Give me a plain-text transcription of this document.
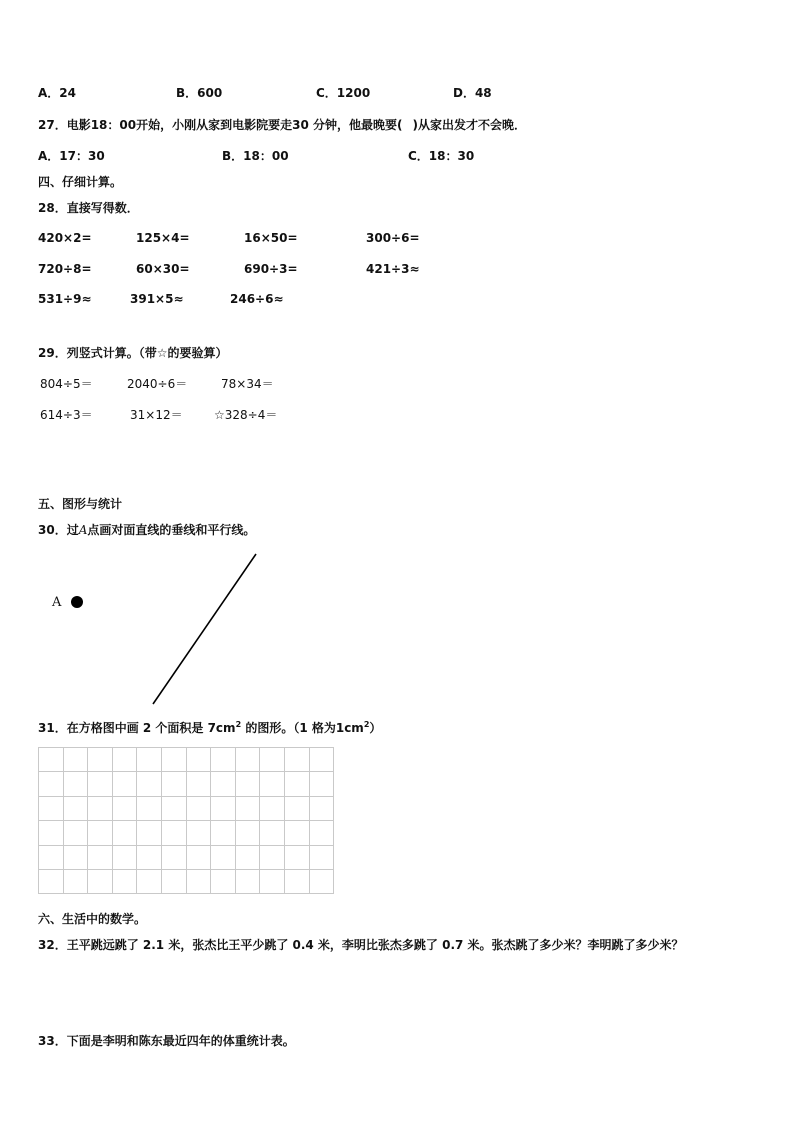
A．24	B．600	C．1200	D．48
27．电影18：00开始，小刚从家到电影院要走30 分钟，他最晚要( )从家出发才不会晚．
A．17：30	B．18：00	C．18：30
四、仔细计算。
28．直接写得数．
420×2=	125×4=	16×50=	300÷6=
720÷8=	60×30=	690÷3=	421÷3≈
531÷9≈	391×5≈	246÷6≈
29．列竖式计算。（带☆的要验算）
804÷5＝	2040÷6＝	78×34＝
614÷3＝	31×12＝	☆328÷4＝
五、图形与统计
30．过A点画对面直线的垂线和平行线。
A
31．在方格图中画 2 个面积是 $7cm^2$ 的图形。（1 格为$1cm^2$）

六、生活中的数学。
32．王平跳远跳了 2.1 米，张杰比王平少跳了 0.4 米，李明比张杰多跳了 0.7 米。张杰跳了多少米？李明跳了多少米？
33．下面是李明和陈东最近四年的体重统计表。
